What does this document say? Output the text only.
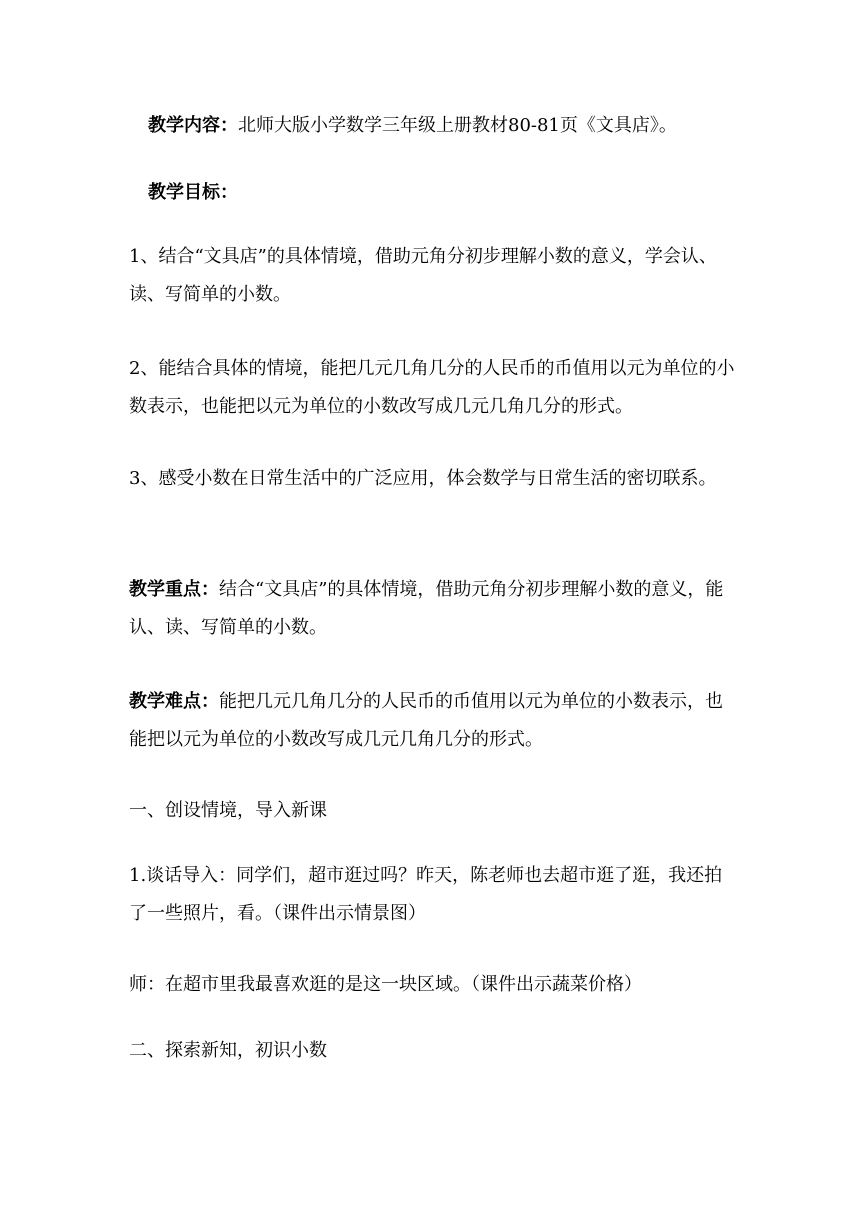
教学内容：北师大版小学数学三年级上册教材80-81页《文具店》。

教学目标：

1、结合“文具店”的具体情境，借助元角分初步理解小数的意义，学会认、读、写简单的小数。

2、能结合具体的情境，能把几元几角几分的人民币的币值用以元为单位的小数表示，也能把以元为单位的小数改写成几元几角几分的形式。

3、感受小数在日常生活中的广泛应用，体会数学与日常生活的密切联系。

教学重点：结合“文具店”的具体情境，借助元角分初步理解小数的意义，能认、读、写简单的小数。

教学难点：能把几元几角几分的人民币的币值用以元为单位的小数表示，也能把以元为单位的小数改写成几元几角几分的形式。

一、创设情境，导入新课

1.谈话导入：同学们，超市逛过吗？昨天，陈老师也去超市逛了逛，我还拍了一些照片，看。（课件出示情景图）

师：在超市里我最喜欢逛的是这一块区域。（课件出示蔬菜价格）

二、探索新知，初识小数
